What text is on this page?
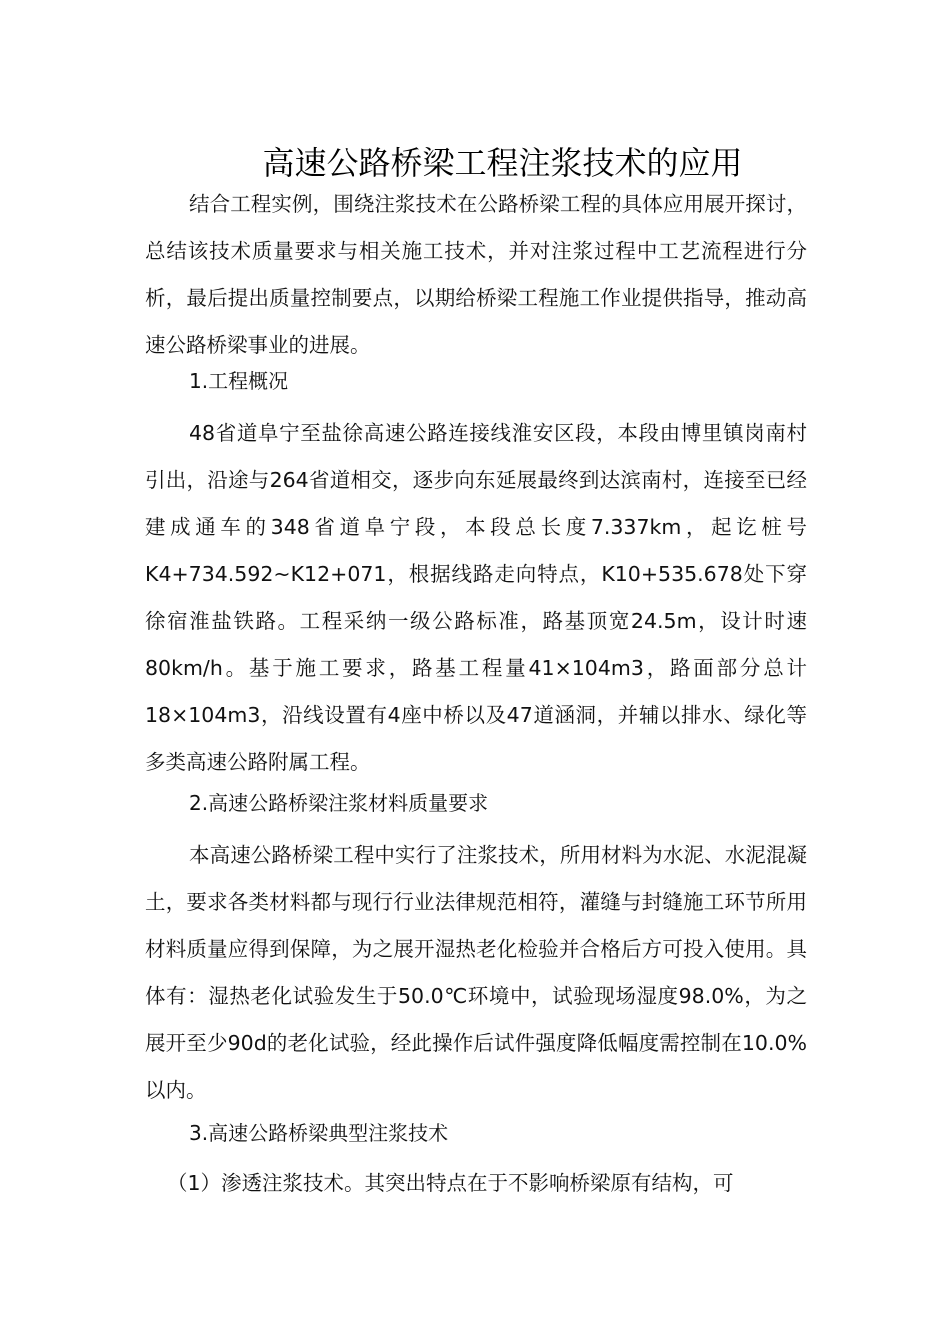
高速公路桥梁工程注浆技术的应用

结合工程实例，围绕注浆技术在公路桥梁工程的具体应用展开探讨，总结该技术质量要求与相关施工技术，并对注浆过程中工艺流程进行分析，最后提出质量控制要点，以期给桥梁工程施工作业提供指导，推动高速公路桥梁事业的进展。

1.工程概况

48省道阜宁至盐徐高速公路连接线淮安区段，本段由博里镇岗南村引出，沿途与264省道相交，逐步向东延展最终到达滨南村，连接至已经建成通车的348省道阜宁段，本段总长度7.337km，起讫桩号K4+734.592~K12+071，根据线路走向特点，K10+535.678处下穿徐宿淮盐铁路。工程采纳一级公路标准，路基顶宽24.5m，设计时速80km/h。基于施工要求，路基工程量41×104m3，路面部分总计18×104m3，沿线设置有4座中桥以及47道涵洞，并辅以排水、绿化等多类高速公路附属工程。

2.高速公路桥梁注浆材料质量要求

本高速公路桥梁工程中实行了注浆技术，所用材料为水泥、水泥混凝土，要求各类材料都与现行行业法律规范相符，灌缝与封缝施工环节所用材料质量应得到保障，为之展开湿热老化检验并合格后方可投入使用。具体有：湿热老化试验发生于50.0℃环境中，试验现场湿度98.0%，为之展开至少90d的老化试验，经此操作后试件强度降低幅度需控制在10.0%以内。

3.高速公路桥梁典型注浆技术

（1）渗透注浆技术。其突出特点在于不影响桥梁原有结构，可
